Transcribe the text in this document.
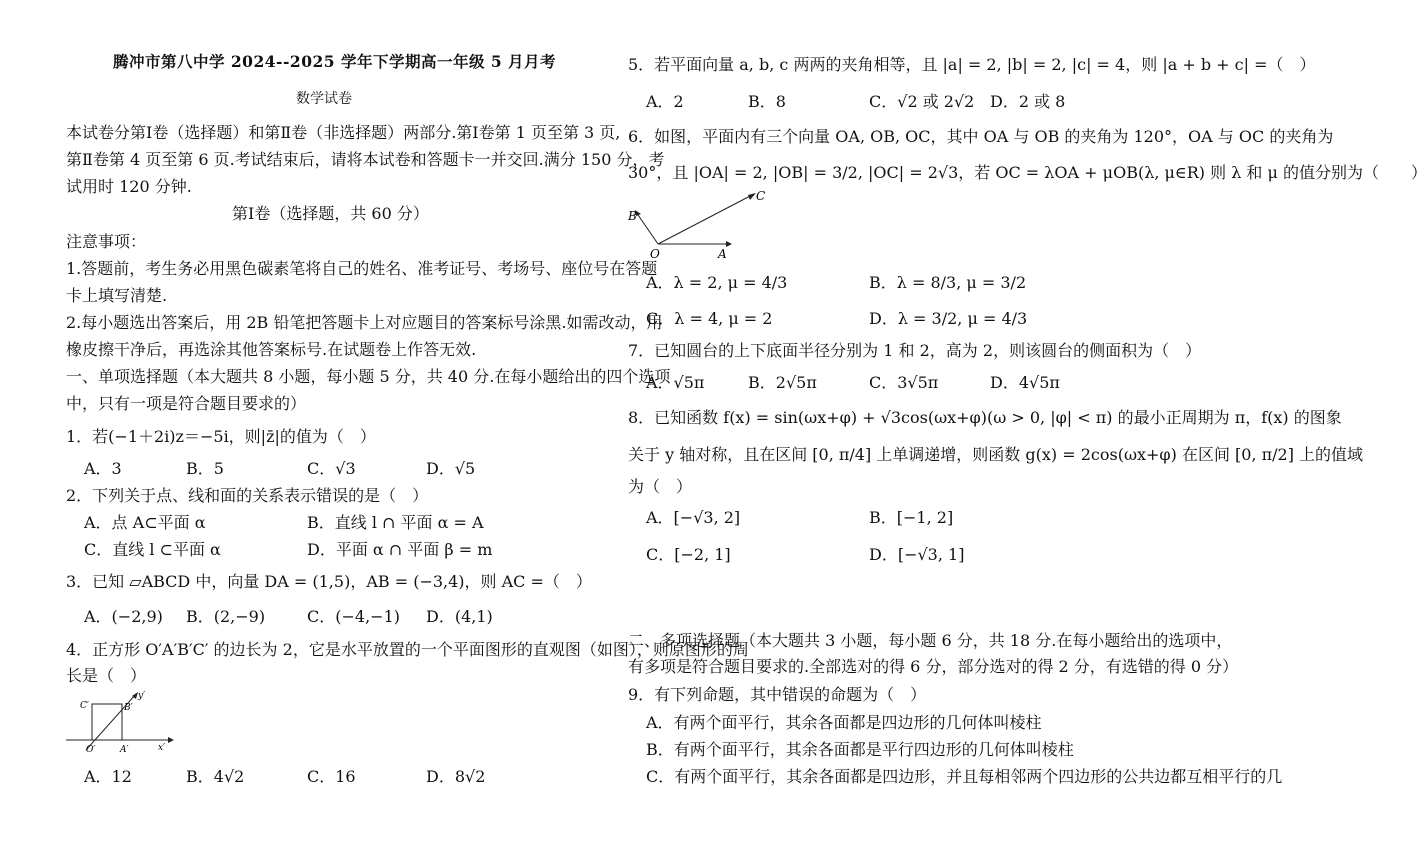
腾冲市第八中学 2024--2025 学年下学期高一年级 5 月月考
数学试卷
本试卷分第Ⅰ卷（选择题）和第Ⅱ卷（非选择题）两部分.第Ⅰ卷第 1 页至第 3 页,
第Ⅱ卷第 4 页至第 6 页.考试结束后，请将本试卷和答题卡一并交回.满分 150 分，考
试用时 120 分钟.
第Ⅰ卷（选择题，共 60 分）
注意事项：
1.答题前，考生务必用黑色碳素笔将自己的姓名、准考证号、考场号、座位号在答题
卡上填写清楚.
2.每小题选出答案后，用 2B 铅笔把答题卡上对应题目的答案标号涂黑.如需改动，用
橡皮擦干净后，再选涂其他答案标号.在试题卷上作答无效.
一、单项选择题（本大题共 8 小题，每小题 5 分，共 40 分.在每小题给出的四个选项
中，只有一项是符合题目要求的）
1．若(−1＋2i)z＝−5i，则|z̄|的值为（　）
A．3	B．5	C．√3	D．√5
2．下列关于点、线和面的关系表示错误的是（　）
A．点 A⊂平面 α	B．直线 l ∩ 平面 α = A
C．直线 l ⊂平面 α	D．平面 α ∩ 平面 β = m
3．已知 ▱ABCD 中，向量 DA = (1,5)，AB = (−3,4)，则 AC =（　）
A．(−2,9) B．(2,−9)	C．(−4,−1) D．(4,1)
4．正方形 O′A′B′C′ 的边长为 2，它是水平放置的一个平面图形的直观图（如图），则原图形的周
长是（　）
C′	B′
y′
O′	A′	x′
A．12	B．4√2	C．16	D．8√2
5．若平面向量 a, b, c 两两的夹角相等，且 |a| = 2, |b| = 2, |c| = 4，则 |a + b + c| =（　）
A．2	B．8	C．√2 或 2√2 D．2 或 8
6．如图，平面内有三个向量 OA, OB, OC，其中 OA 与 OB 的夹角为 120°，OA 与 OC 的夹角为
30°，且 |OA| = 2, |OB| = 3/2, |OC| = 2√3，若 OC = λOA + μOB(λ, μ∈R) 则 λ 和 μ 的值分别为（　　）
B
C
O	A
A．λ = 2, μ = 4/3	B．λ = 8/3, μ = 3/2
C．λ = 4, μ = 2	D．λ = 3/2, μ = 4/3
7．已知圆台的上下底面半径分别为 1 和 2，高为 2，则该圆台的侧面积为（　）
A．√5π	B．2√5π	C．3√5π	D．4√5π
8．已知函数 f(x) = sin(ωx+φ) + √3cos(ωx+φ)(ω > 0, |φ| < π) 的最小正周期为 π，f(x) 的图象
关于 y 轴对称，且在区间 [0, π/4] 上单调递增，则函数 g(x) = 2cos(ωx+φ) 在区间 [0, π/2] 上的值域
为（　）
A．[−√3, 2]	B．[−1, 2]
C．[−2, 1]	D．[−√3, 1]
二、多项选择题（本大题共 3 小题，每小题 6 分，共 18 分.在每小题给出的选项中，
有多项是符合题目要求的.全部选对的得 6 分，部分选对的得 2 分，有选错的得 0 分）
9．有下列命题，其中错误的命题为（　）
A．有两个面平行，其余各面都是四边形的几何体叫棱柱
B．有两个面平行，其余各面都是平行四边形的几何体叫棱柱
C．有两个面平行，其余各面都是四边形，并且每相邻两个四边形的公共边都互相平行的几
